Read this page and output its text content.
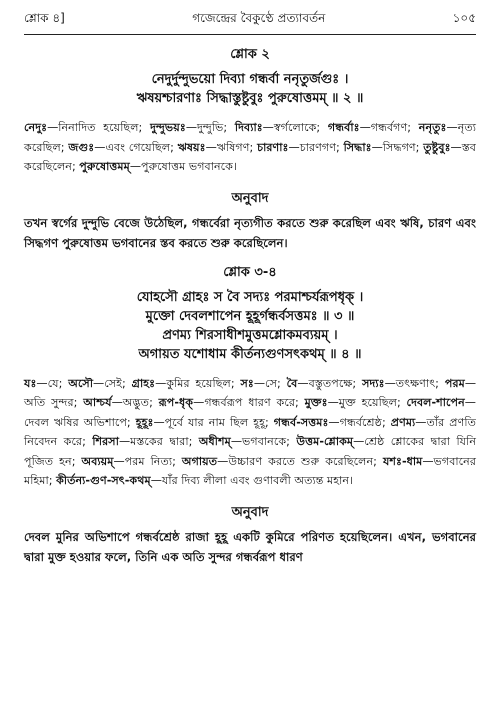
শ্লোক ৪]	গজেন্দ্রের বৈকুণ্ঠে প্রত্যাবর্তন	১০৫
শ্লোক ২
নেদুর্দুন্দুভয়ো দিব্যা গন্ধর্বা ননৃতুর্জগুঃ ।
ঋষয়শ্চারণাঃ সিদ্ধাস্তুষ্টুবুঃ পুরুষোত্তমম্ ॥ ২ ॥
নেদুঃ—নিনাদিত হয়েছিল; দুন্দুভয়ঃ—দুন্দুভি; দিব্যাঃ—স্বর্গলোকে; গন্ধর্বাঃ—গন্ধর্বগণ; ননৃতুঃ—নৃত্য করেছিল; জগুঃ—এবং গেয়েছিল; ঋষয়ঃ—ঋষিগণ; চারণাঃ—চারণগণ; সিদ্ধাঃ—সিদ্ধগণ; তুষ্টুবুঃ—স্তব করেছিলেন; পুরুষোত্তমম্—পুরুষোত্তম ভগবানকে।
অনুবাদ
তখন স্বর্গের দুন্দুভি বেজে উঠেছিল, গন্ধর্বেরা নৃত্যগীত করতে শুরু করেছিল এবং ঋষি, চারণ এবং সিদ্ধগণ পুরুষোত্তম ভগবানের স্তব করতে শুরু করেছিলেন।
শ্লোক ৩-৪
যোহসৌ গ্রাহঃ স বৈ সদ্যঃ পরমাশ্চর্যরূপধৃক্ ।
মুক্তো দেবলশাপেন হূহূর্গন্ধর্বসত্তমঃ ॥ ৩ ॥
প্রণম্য শিরসাধীশমুত্তমশ্লোকমব্যয়ম্ ।
অগায়ত যশোধাম কীর্তন্যগুণসৎকথম্ ॥ ৪ ॥
যঃ—যে; অসৌ—সেই; গ্রাহঃ—কুমির হয়েছিল; সঃ—সে; বৈ—বস্তুতপক্ষে; সদ্যঃ—তৎক্ষণাৎ; পরম—অতি সুন্দর; আশ্চর্য—অদ্ভুত; রূপ-ধৃক্—গন্ধর্বরূপ ধারণ করে; মুক্তঃ—মুক্ত হয়েছিল; দেবল-শাপেন—দেবল ঋষির অভিশাপে; হূহূঃ—পূর্বে যার নাম ছিল হূহূ; গন্ধর্ব-সত্তমঃ—গন্ধর্বশ্রেষ্ঠ; প্রণম্য—তাঁর প্রণতি নিবেদন করে; শিরসা—মস্তকের দ্বারা; অধীশম্—ভগবানকে; উত্তম-শ্লোকম্—শ্রেষ্ঠ শ্লোকের দ্বারা যিনি পূজিত হন; অব্যয়ম্—পরম নিত্য; অগায়ত—উচ্চারণ করতে শুরু করেছিলেন; যশঃ-ধাম—ভগবানের মহিমা; কীর্তন্য-গুণ-সৎ-কথম্—যাঁর দিব্য লীলা এবং গুণাবলী অত্যন্ত মহান।
অনুবাদ
দেবল মুনির অভিশাপে গন্ধর্বশ্রেষ্ঠ রাজা হূহূ একটি কুমিরে পরিণত হয়েছিলেন। এখন, ভগবানের দ্বারা মুক্ত হওয়ার ফলে, তিনি এক অতি সুন্দর গন্ধর্বরূপ ধারণ
